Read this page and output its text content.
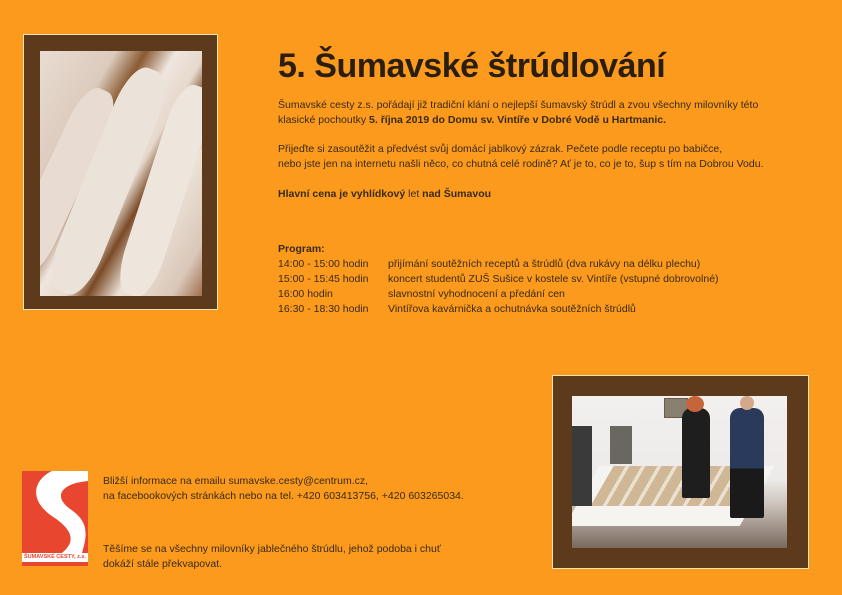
5. Šumavské štrúdlování
Šumavské cesty z.s. pořádají již tradiční klání o nejlepší šumavský štrúdl a zvou všechny milovníky této
klasické pochoutky 5. října 2019 do Domu sv. Vintíře v Dobré Vodě u Hartmanic.
Přijeďte si zasoutěžit a předvést svůj domácí jablkový zázrak. Pečete podle receptu po babičce,
nebo jste jen na internetu našli něco, co chutná celé rodině? Ať je to, co je to, šup s tím na Dobrou Vodu.
Hlavní cena je vyhlídkový let nad Šumavou
Program:
14:00 - 15:00 hodin	přijímání soutěžních receptů a štrúdlů (dva rukávy na délku plechu)
15:00 - 15:45 hodin	koncert studentů ZUŠ Sušice v kostele sv. Vintíře (vstupné dobrovolné)
16:00 hodin	slavnostní vyhodnocení a předání cen
16:30 - 18:30 hodin	Vintířova kavárnička a ochutnávka soutěžních štrúdlů
ŠUMAVSKÉ CESTY, z.s.
Bližší informace na emailu sumavske.cesty@centrum.cz,
na facebookových stránkách nebo na tel. +420 603413756, +420 603265034.
Těšíme se na všechny milovníky jablečného štrúdlu, jehož podoba i chuť
dokáží stále překvapovat.
